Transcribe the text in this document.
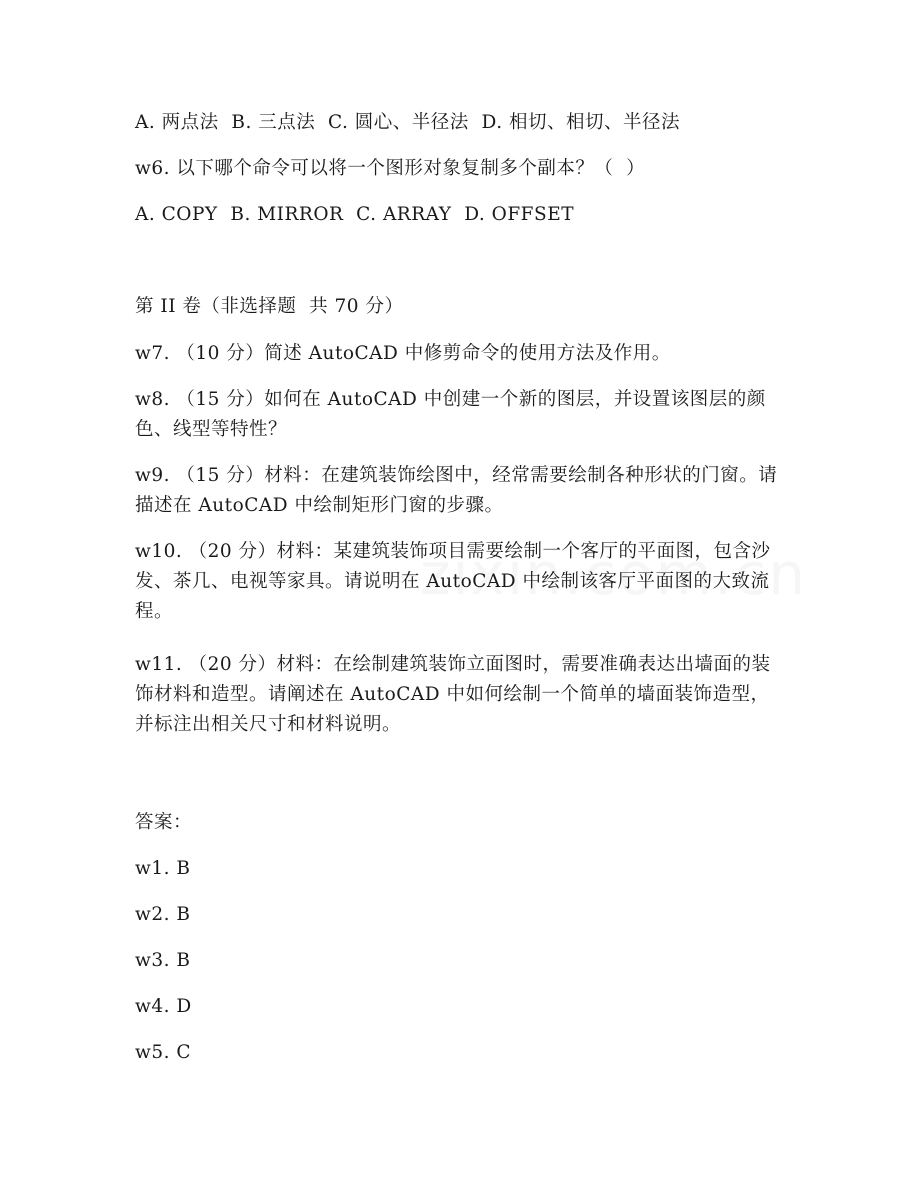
A. 两点法  B. 三点法  C. 圆心、半径法  D. 相切、相切、半径法
w6. 以下哪个命令可以将一个图形对象复制多个副本？（  ）
A. COPY  B. MIRROR  C. ARRAY  D. OFFSET
第 II 卷（非选择题  共 70 分）
w7. （10 分）简述 AutoCAD 中修剪命令的使用方法及作用。
w8. （15 分）如何在 AutoCAD 中创建一个新的图层，并设置该图层的颜色、线型等特性？
w9. （15 分）材料：在建筑装饰绘图中，经常需要绘制各种形状的门窗。请描述在 AutoCAD 中绘制矩形门窗的步骤。
w10. （20 分）材料：某建筑装饰项目需要绘制一个客厅的平面图，包含沙发、茶几、电视等家具。请说明在 AutoCAD 中绘制该客厅平面图的大致流程。
w11. （20 分）材料：在绘制建筑装饰立面图时，需要准确表达出墙面的装饰材料和造型。请阐述在 AutoCAD 中如何绘制一个简单的墙面装饰造型，并标注出相关尺寸和材料说明。
答案：
w1. B
w2. B
w3. B
w4. D
w5. C
